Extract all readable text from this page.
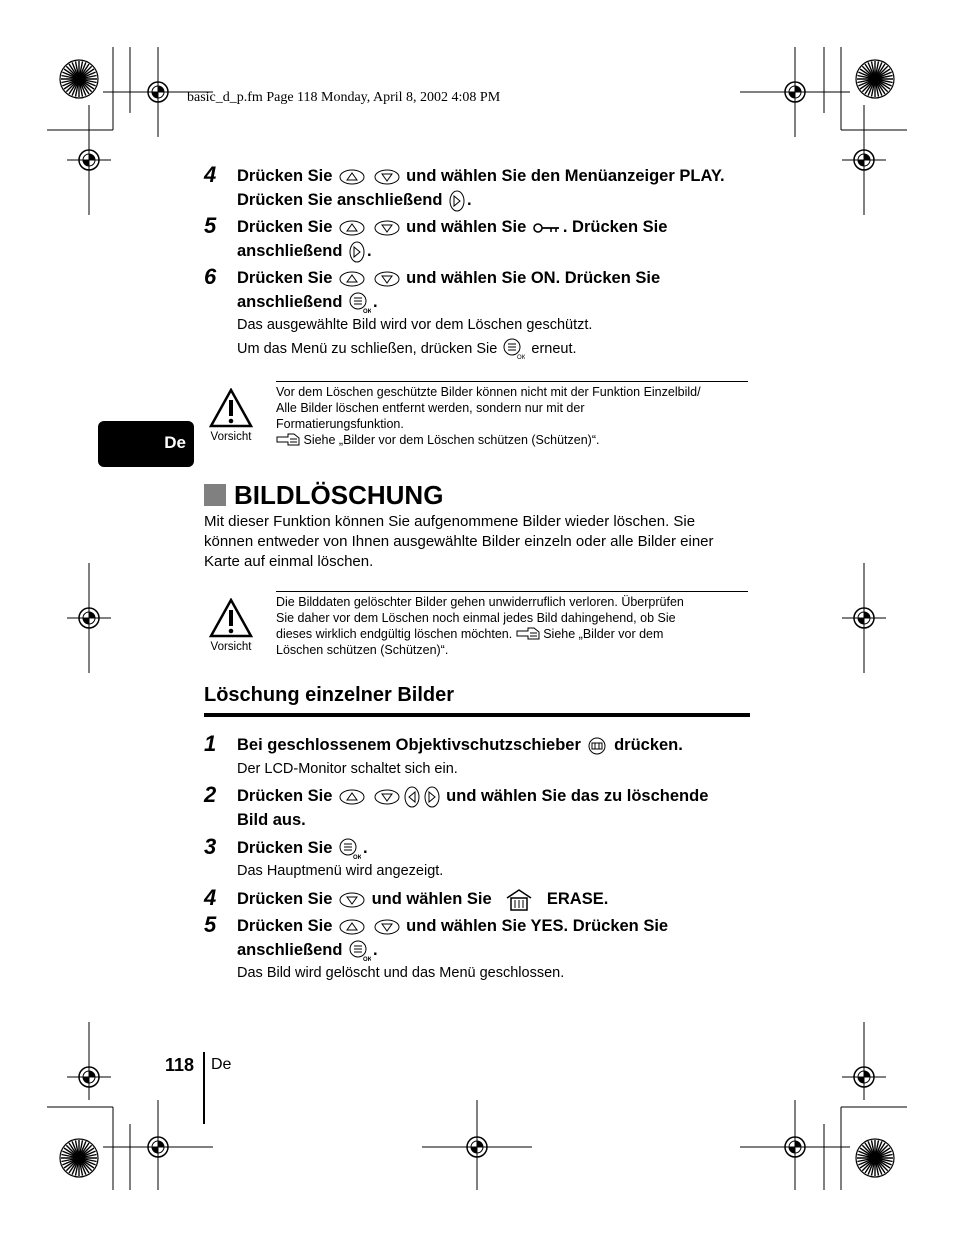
basic_d_p.fm Page 118 Monday, April 8, 2002 4:08 PM
4 Drücken Sie	und wählen Sie den Menüanzeiger PLAY.
Drücken Sie anschließend .
5 Drücken Sie	und wählen Sie . Drücken Sie
anschließend .
6 Drücken Sie	und wählen Sie ON. Drücken Sie
anschließend .
Das ausgewählte Bild wird vor dem Löschen geschützt.
Um das Menü zu schließen, drücken Sie erneut.
Vorsicht
Vor dem Löschen geschützte Bilder können nicht mit der Funktion Einzelbild/
Alle Bilder löschen entfernt werden, sondern nur mit der
Formatierungsfunktion.
Siehe „Bilder vor dem Löschen schützen (Schützen)“.
De
BILDLÖSCHUNG
Mit dieser Funktion können Sie aufgenommene Bilder wieder löschen. Sie
können entweder von Ihnen ausgewählte Bilder einzeln oder alle Bilder einer
Karte auf einmal löschen.
Vorsicht
Die Bilddaten gelöschter Bilder gehen unwiderruflich verloren. Überprüfen
Sie daher vor dem Löschen noch einmal jedes Bild dahingehend, ob Sie
dieses wirklich endgültig löschen möchten. Siehe „Bilder vor dem
Löschen schützen (Schützen)“.
Löschung einzelner Bilder
1 Bei geschlossenem Objektivschutzschieber drücken.
Der LCD-Monitor schaltet sich ein.
2 Drücken Sie	und wählen Sie das zu löschende
Bild aus.
3 Drücken Sie .
Das Hauptmenü wird angezeigt.
4 Drücken Sie und wählen Sie	ERASE.
5 Drücken Sie	und wählen Sie YES. Drücken Sie
anschließend .
Das Bild wird gelöscht und das Menü geschlossen.
118 De
